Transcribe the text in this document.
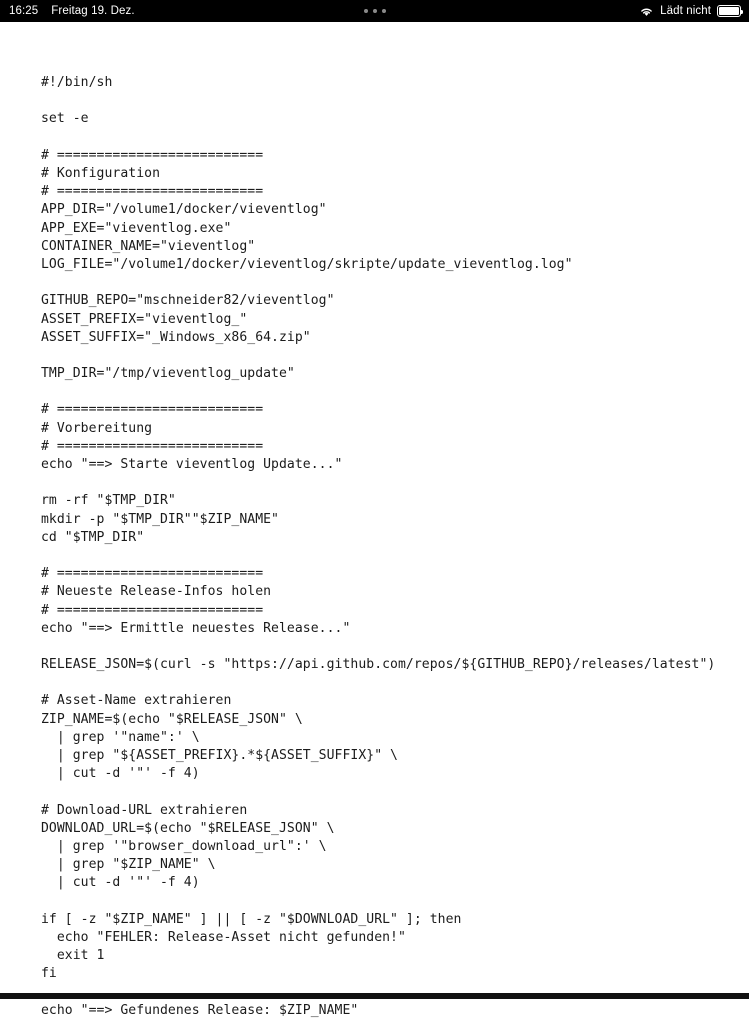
16:25 Freitag 19. Dez.	Lädt nicht
#!/bin/sh

set -e

# ==========================
# Konfiguration
# ==========================
APP_DIR="/volume1/docker/vieventlog"
APP_EXE="vieventlog.exe"
CONTAINER_NAME="vieventlog"
LOG_FILE="/volume1/docker/vieventlog/skripte/update_vieventlog.log"

GITHUB_REPO="mschneider82/vieventlog"
ASSET_PREFIX="vieventlog_"
ASSET_SUFFIX="_Windows_x86_64.zip"

TMP_DIR="/tmp/vieventlog_update"

# ==========================
# Vorbereitung
# ==========================
echo "==> Starte vieventlog Update..."

rm -rf "$TMP_DIR"
mkdir -p "$TMP_DIR""$ZIP_NAME"
cd "$TMP_DIR"

# ==========================
# Neueste Release-Infos holen
# ==========================
echo "==> Ermittle neuestes Release..."

RELEASE_JSON=$(curl -s "https://api.github.com/repos/${GITHUB_REPO}/releases/latest")

# Asset-Name extrahieren
ZIP_NAME=$(echo "$RELEASE_JSON" \
| grep '"name":' \
| grep "${ASSET_PREFIX}.*${ASSET_SUFFIX}" \
| cut -d '"' -f 4)

# Download-URL extrahieren
DOWNLOAD_URL=$(echo "$RELEASE_JSON" \
| grep '"browser_download_url":' \
| grep "$ZIP_NAME" \
| cut -d '"' -f 4)

if [ -z "$ZIP_NAME" ] || [ -z "$DOWNLOAD_URL" ]; then
echo "FEHLER: Release-Asset nicht gefunden!"
exit 1
fi

echo "==> Gefundenes Release: $ZIP_NAME"
